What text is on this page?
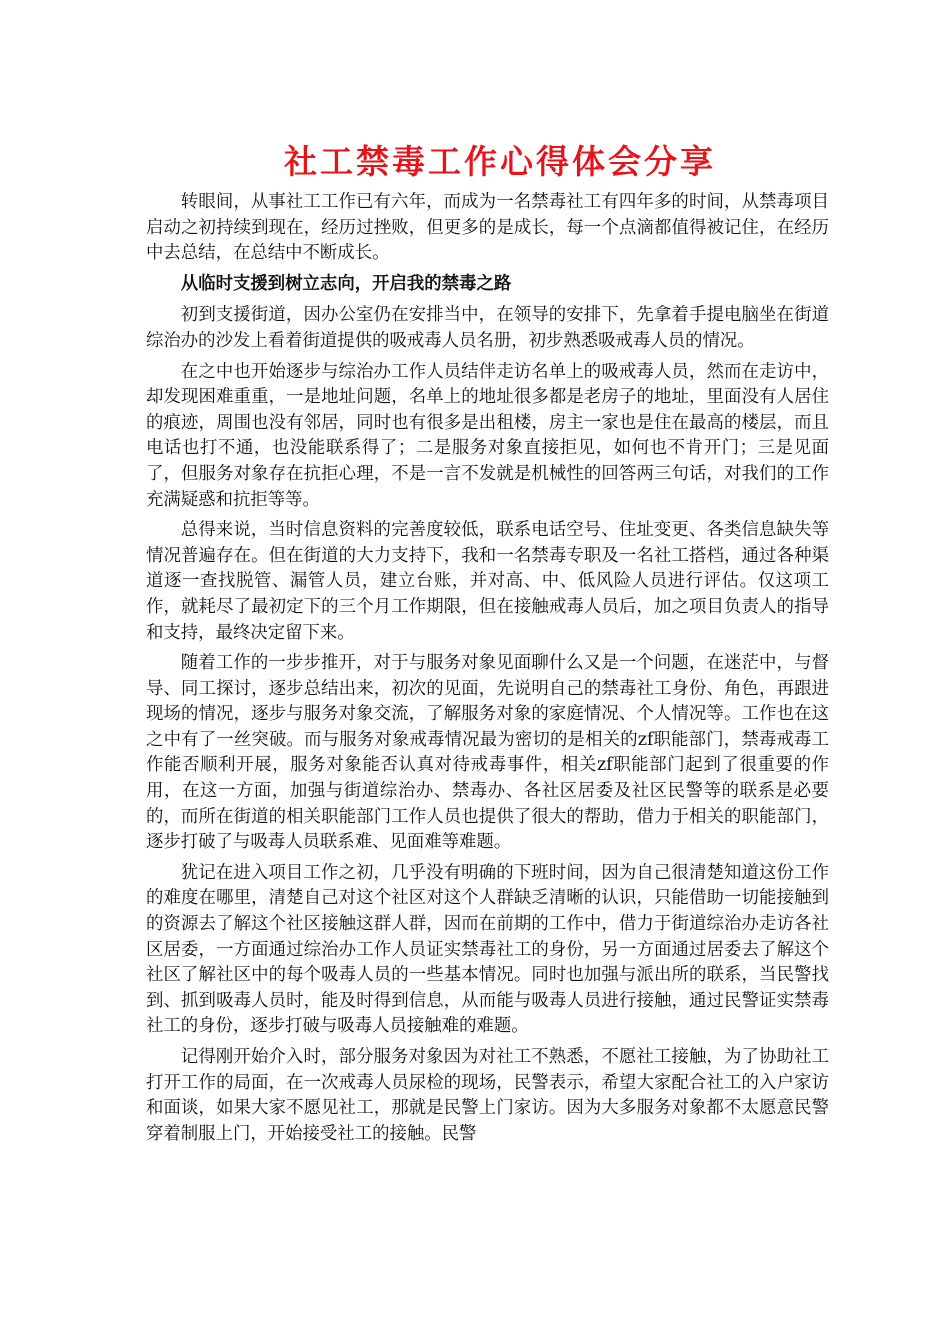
社工禁毒工作心得体会分享

转眼间，从事社工工作已有六年，而成为一名禁毒社工有四年多的时间，从禁毒项目启动之初持续到现在，经历过挫败，但更多的是成长，每一个点滴都值得被记住，在经历中去总结，在总结中不断成长。

从临时支援到树立志向，开启我的禁毒之路

初到支援街道，因办公室仍在安排当中，在领导的安排下，先拿着手提电脑坐在街道综治办的沙发上看着街道提供的吸戒毒人员名册，初步熟悉吸戒毒人员的情况。

在之中也开始逐步与综治办工作人员结伴走访名单上的吸戒毒人员，然而在走访中，却发现困难重重，一是地址问题，名单上的地址很多都是老房子的地址，里面没有人居住的痕迹，周围也没有邻居，同时也有很多是出租楼，房主一家也是住在最高的楼层，而且电话也打不通，也没能联系得了；二是服务对象直接拒见，如何也不肯开门；三是见面了，但服务对象存在抗拒心理，不是一言不发就是机械性的回答两三句话，对我们的工作充满疑惑和抗拒等等。

总得来说，当时信息资料的完善度较低，联系电话空号、住址变更、各类信息缺失等情况普遍存在。但在街道的大力支持下，我和一名禁毒专职及一名社工搭档，通过各种渠道逐一查找脱管、漏管人员，建立台账，并对高、中、低风险人员进行评估。仅这项工作，就耗尽了最初定下的三个月工作期限，但在接触戒毒人员后，加之项目负责人的指导和支持，最终决定留下来。

随着工作的一步步推开，对于与服务对象见面聊什么又是一个问题，在迷茫中，与督导、同工探讨，逐步总结出来，初次的见面，先说明自己的禁毒社工身份、角色，再跟进现场的情况，逐步与服务对象交流，了解服务对象的家庭情况、个人情况等。工作也在这之中有了一丝突破。而与服务对象戒毒情况最为密切的是相关的zf职能部门，禁毒戒毒工作能否顺利开展，服务对象能否认真对待戒毒事件，相关zf职能部门起到了很重要的作用，在这一方面，加强与街道综治办、禁毒办、各社区居委及社区民警等的联系是必要的，而所在街道的相关职能部门工作人员也提供了很大的帮助，借力于相关的职能部门，逐步打破了与吸毒人员联系难、见面难等难题。

犹记在进入项目工作之初，几乎没有明确的下班时间，因为自己很清楚知道这份工作的难度在哪里，清楚自己对这个社区对这个人群缺乏清晰的认识，只能借助一切能接触到的资源去了解这个社区接触这群人群，因而在前期的工作中，借力于街道综治办走访各社区居委，一方面通过综治办工作人员证实禁毒社工的身份，另一方面通过居委去了解这个社区了解社区中的每个吸毒人员的一些基本情况。同时也加强与派出所的联系，当民警找到、抓到吸毒人员时，能及时得到信息，从而能与吸毒人员进行接触，通过民警证实禁毒社工的身份，逐步打破与吸毒人员接触难的难题。

记得刚开始介入时，部分服务对象因为对社工不熟悉，不愿社工接触，为了协助社工打开工作的局面，在一次戒毒人员尿检的现场，民警表示，希望大家配合社工的入户家访和面谈，如果大家不愿见社工，那就是民警上门家访。因为大多服务对象都不太愿意民警穿着制服上门，开始接受社工的接触。民警
